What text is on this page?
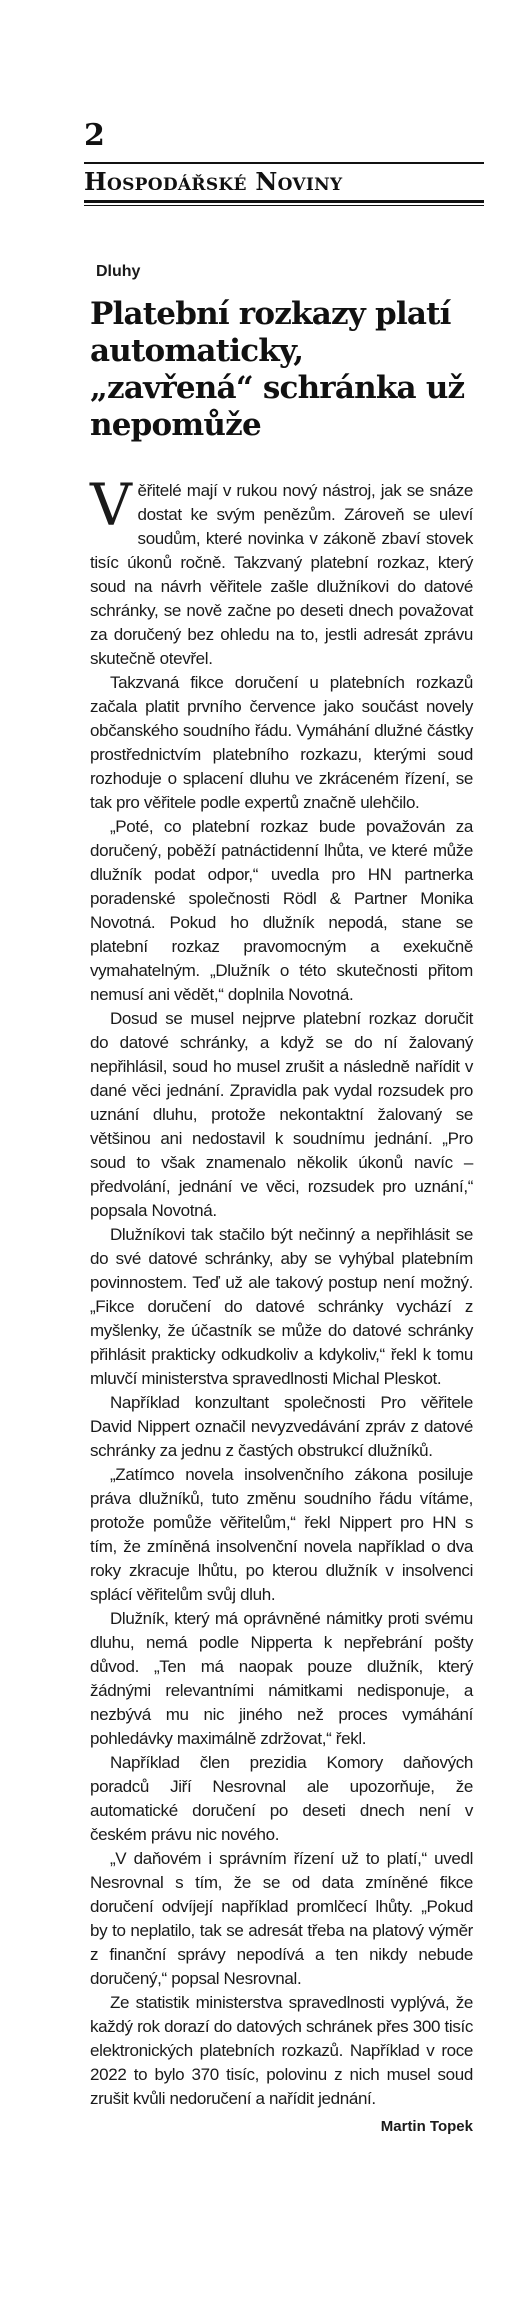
2
Hospodářské Noviny
Dluhy
Platební rozkazy platí automaticky, „zavřená“ schránka už nepomůže

Věřitelé mají v rukou nový nástroj, jak se snáze dostat ke svým penězům. Zároveň se uleví soudům, které novinka v zákoně zbaví stovek tisíc úkonů ročně. Takzvaný platební rozkaz, který soud na návrh věřitele zašle dlužníkovi do datové schránky, se nově začne po deseti dnech považovat za doručený bez ohledu na to, jestli adresát zprávu skutečně otevřel.

Takzvaná fikce doručení u platebních rozkazů začala platit prvního července jako součást novely občanského soudního řádu. Vymáhání dlužné částky prostřednictvím platebního rozkazu, kterými soud rozhoduje o splacení dluhu ve zkráceném řízení, se tak pro věřitele podle expertů značně ulehčilo.

„Poté, co platební rozkaz bude považován za doručený, poběží patnáctidenní lhůta, ve které může dlužník podat odpor,“ uvedla pro HN partnerka poradenské společnosti Rödl & Partner Monika Novotná. Pokud ho dlužník nepodá, stane se platební rozkaz pravomocným a exekučně vymahatelným. „Dlužník o této skutečnosti přitom nemusí ani vědět,“ doplnila Novotná.

Dosud se musel nejprve platební rozkaz doručit do datové schránky, a když se do ní žalovaný nepřihlásil, soud ho musel zrušit a následně nařídit v dané věci jednání. Zpravidla pak vydal rozsudek pro uznání dluhu, protože nekontaktní žalovaný se většinou ani nedostavil k soudnímu jednání. „Pro soud to však znamenalo několik úkonů navíc – předvolání, jednání ve věci, rozsudek pro uznání,“ popsala Novotná.

Dlužníkovi tak stačilo být nečinný a nepřihlásit se do své datové schránky, aby se vyhýbal platebním povinnostem. Teď už ale takový postup není možný. „Fikce doručení do datové schránky vychází z myšlenky, že účastník se může do datové schránky přihlásit prakticky odkudkoliv a kdykoliv,“ řekl k tomu mluvčí ministerstva spravedlnosti Michal Pleskot.

Například konzultant společnosti Pro věřitele David Nippert označil nevyzvedávání zpráv z datové schránky za jednu z častých obstrukcí dlužníků.

„Zatímco novela insolvenčního zákona posiluje práva dlužníků, tuto změnu soudního řádu vítáme, protože pomůže věřitelům,“ řekl Nippert pro HN s tím, že zmíněná insolvenční novela například o dva roky zkracuje lhůtu, po kterou dlužník v insolvenci splácí věřitelům svůj dluh.

Dlužník, který má oprávněné námitky proti svému dluhu, nemá podle Nipperta k nepřebrání pošty důvod. „Ten má naopak pouze dlužník, který žádnými relevantními námitkami nedisponuje, a nezbývá mu nic jiného než proces vymáhání pohledávky maximálně zdržovat,“ řekl.

Například člen prezidia Komory daňových poradců Jiří Nesrovnal ale upozorňuje, že automatické doručení po deseti dnech není v českém právu nic nového.

„V daňovém i správním řízení už to platí,“ uvedl Nesrovnal s tím, že se od data zmíněné fikce doručení odvíjejí například promlčecí lhůty. „Pokud by to neplatilo, tak se adresát třeba na platový výměr z finanční správy nepodívá a ten nikdy nebude doručený,“ popsal Nesrovnal.

Ze statistik ministerstva spravedlnosti vyplývá, že každý rok dorazí do datových schránek přes 300 tisíc elektronických platebních rozkazů. Například v roce 2022 to bylo 370 tisíc, polovinu z nich musel soud zrušit kvůli nedoručení a nařídit jednání.

Martin Topek
